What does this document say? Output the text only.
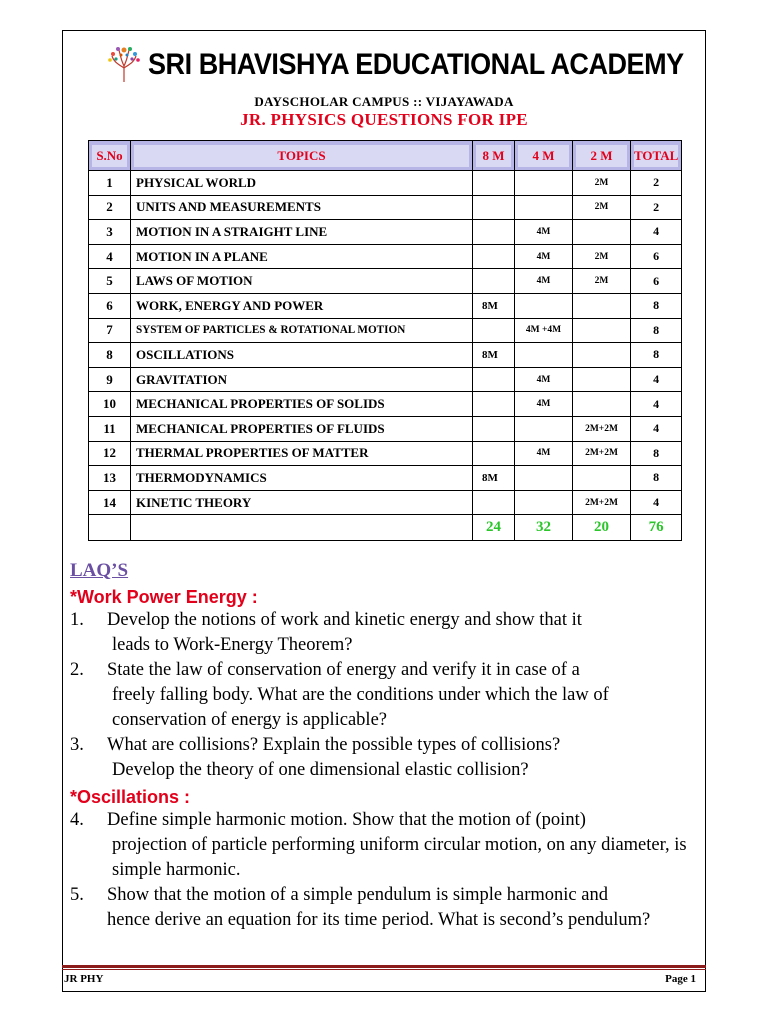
SRI BHAVISHYA EDUCATIONAL ACADEMY
DAYSCHOLAR CAMPUS :: VIJAYAWADA
JR. PHYSICS QUESTIONS FOR IPE
S.No	TOPICS	8 M	4 M	2 M	TOTAL

1	PHYSICAL WORLD			2M	2
2	UNITS AND MEASUREMENTS			2M	2
3	MOTION IN A STRAIGHT LINE		4M		4
4	MOTION IN A PLANE		4M	2M	6
5	LAWS OF MOTION		4M	2M	6
6	WORK, ENERGY AND POWER	8M			8
7	SYSTEM OF PARTICLES & ROTATIONAL MOTION		4M +4M		8
8	OSCILLATIONS	8M			8
9	GRAVITATION		4M		4
10	MECHANICAL PROPERTIES OF SOLIDS		4M		4
11	MECHANICAL PROPERTIES OF FLUIDS			2M+2M	4
12	THERMAL PROPERTIES OF MATTER		4M	2M+2M	8
13	THERMODYNAMICS	8M			8
14	KINETIC THEORY			2M+2M	4
		24	32	20	76
LAQ’S
*Work Power Energy :
1. Develop the notions of work and kinetic energy and show that it
leads to Work-Energy Theorem?
2. State the law of conservation of energy and verify it in case of a
freely falling body. What are the conditions under which the law of conservation of energy is applicable?
3. What are collisions? Explain the possible types of collisions?
Develop the theory of one dimensional elastic collision?
*Oscillations :
4. Define simple harmonic motion. Show that the motion of (point)
projection of particle performing uniform circular motion, on any diameter, is simple harmonic.
5. Show that the motion of a simple pendulum is simple harmonic and
hence derive an equation for its time period. What is second’s pendulum?
JR PHY	Page 1
